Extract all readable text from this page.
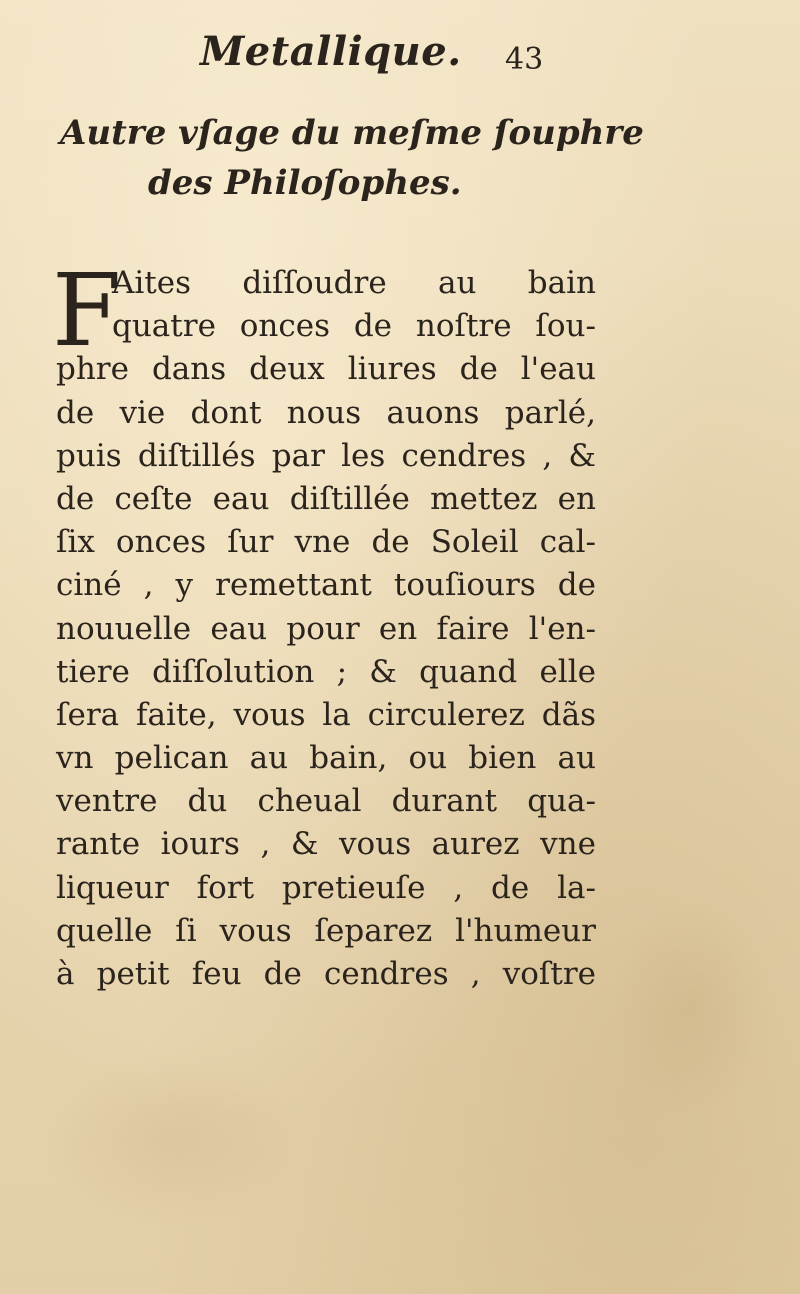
Metallique. 43
Autre vſage du meſme ſouphre
des Philoſophes.
F
Aites diſſoudre au bain
quatre onces de noſtre ſou-
phre dans deux liures de l'eau
de vie dont nous auons parlé,
puis diſtillés par les cendres , &
de ceſte eau diſtillée mettez en
ſix onces ſur vne de Soleil cal-
ciné , y remettant touſiours de
nouuelle eau pour en faire l'en-
tiere diſſolution ; & quand elle
ſera faite, vous la circulerez dãs
vn pelican au bain, ou bien au
ventre du cheual durant qua-
rante iours , & vous aurez vne
liqueur fort pretieuſe , de la-
quelle ſi vous ſeparez l'humeur
à petit feu de cendres , voſtre
